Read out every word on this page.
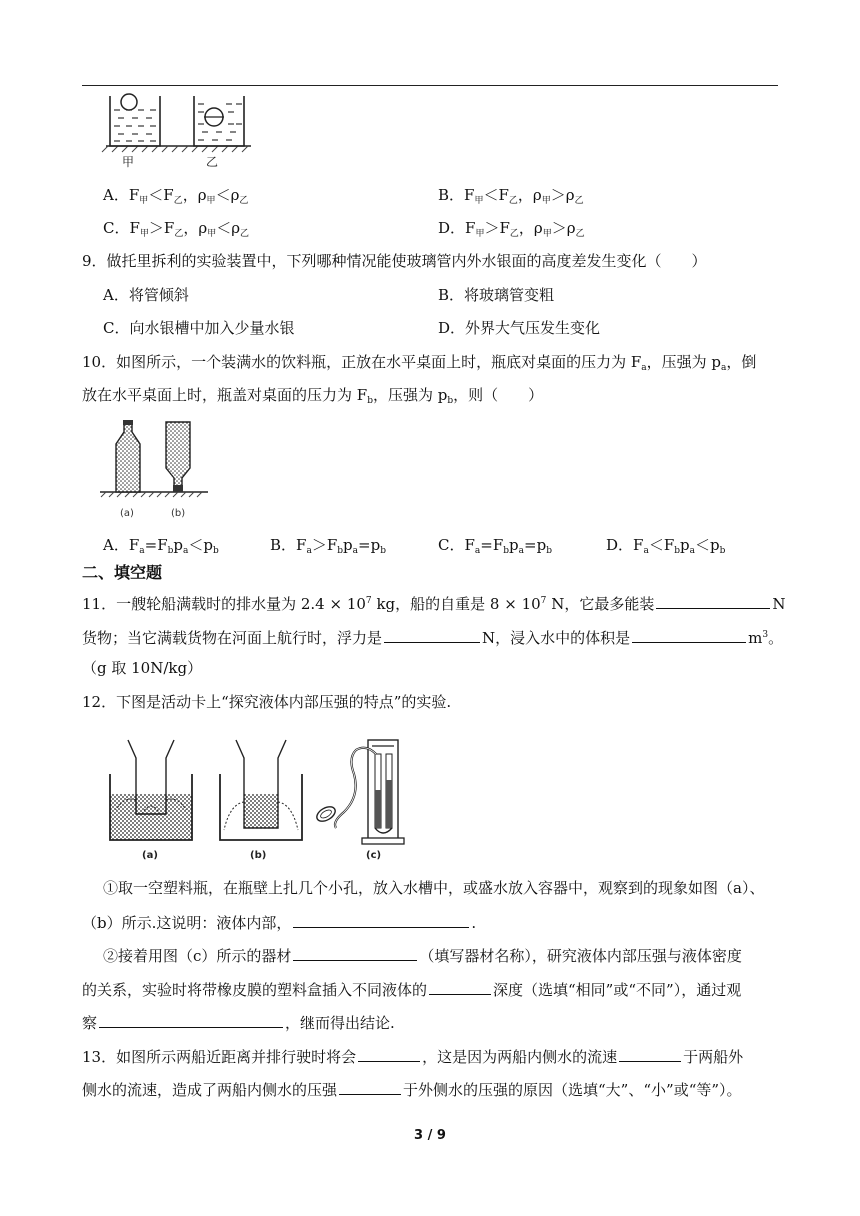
甲	乙
A．$F_甲<F_乙$，$\rho_甲<\rho_乙$	B．$F_甲<F_乙$，$\rho_甲>\rho_乙$
C．$F_甲>F_乙$，$\rho_甲<\rho_乙$	D．$F_甲>F_乙$，$\rho_甲>\rho_乙$
9．做托里拆利的实验装置中，下列哪种情况能使玻璃管内外水银面的高度差发生变化（　　）
A．将管倾斜	B．将玻璃管变粗
C．向水银槽中加入少量水银	D．外界大气压发生变化
10．如图所示，一个装满水的饮料瓶，正放在水平桌面上时，瓶底对桌面的压力为 $F_a$，压强为 $p_a$，倒
放在水平桌面上时，瓶盖对桌面的压力为 $F_b$，压强为 $p_b$，则（　　）
(a)	(b)
A．$F_a=F_bp_a<p_b$	B．$F_a>F_bp_a=p_b$	C．$F_a=F_bp_a=p_b$	D．$F_a<F_bp_a<p_b$
二、填空题
11．一艘轮船满载时的排水量为 $2.4 \times 10^7$ kg，船的自重是 $8 \times 10^7$ N，它最多能装	N
货物；当它满载货物在河面上航行时，浮力是	N，浸入水中的体积是	$m^3$。
（g 取 10N/kg）
12．下图是活动卡上“探究液体内部压强的特点”的实验.
(a)	(b)	(c)
①取一空塑料瓶，在瓶壁上扎几个小孔，放入水槽中，或盛水放入容器中，观察到的现象如图（a）、
（b）所示.这说明：液体内部，	.
②接着用图（c）所示的器材	（填写器材名称），研究液体内部压强与液体密度
的关系，实验时将带橡皮膜的塑料盒插入不同液体的	深度（选填“相同”或“不同”），通过观
察	，继而得出结论.
13．如图所示两船近距离并排行驶时将会	，这是因为两船内侧水的流速	于两船外
侧水的流速，造成了两船内侧水的压强	于外侧水的压强的原因（选填“大”、“小”或“等”）。
3 / 9
